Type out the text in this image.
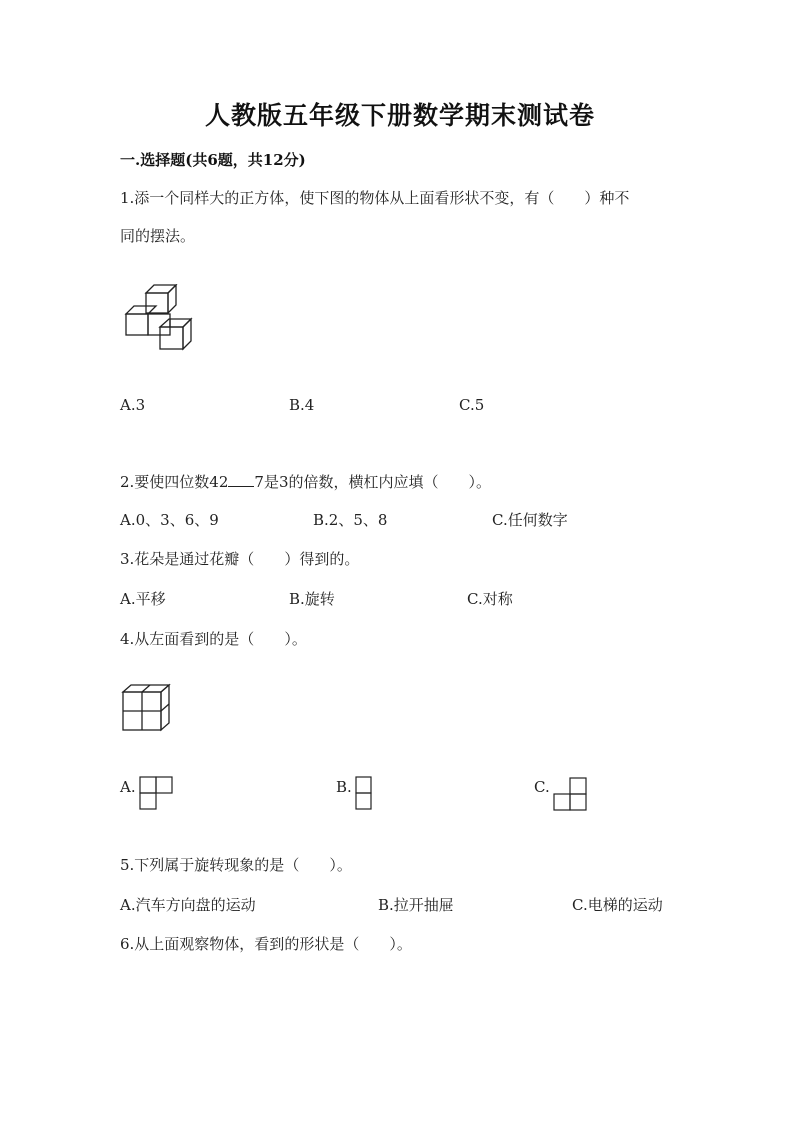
人教版五年级下册数学期末测试卷
一.选择题(共6题，共12分)
1.添一个同样大的正方体，使下图的物体从上面看形状不变，有（　　）种不
同的摆法。
A.3	B.4	C.5
2.要使四位数42 7是3的倍数，横杠内应填（　　）。
A.0、3、6、9	B.2、5、8	C.任何数字
3.花朵是通过花瓣（　　）得到的。
A.平移	B.旋转	C.对称
4.从左面看到的是（　　）。
A.	B.	C.
5.下列属于旋转现象的是（　　）。
A.汽车方向盘的运动	B.拉开抽屉	C.电梯的运动
6.从上面观察物体，看到的形状是（　　）。
